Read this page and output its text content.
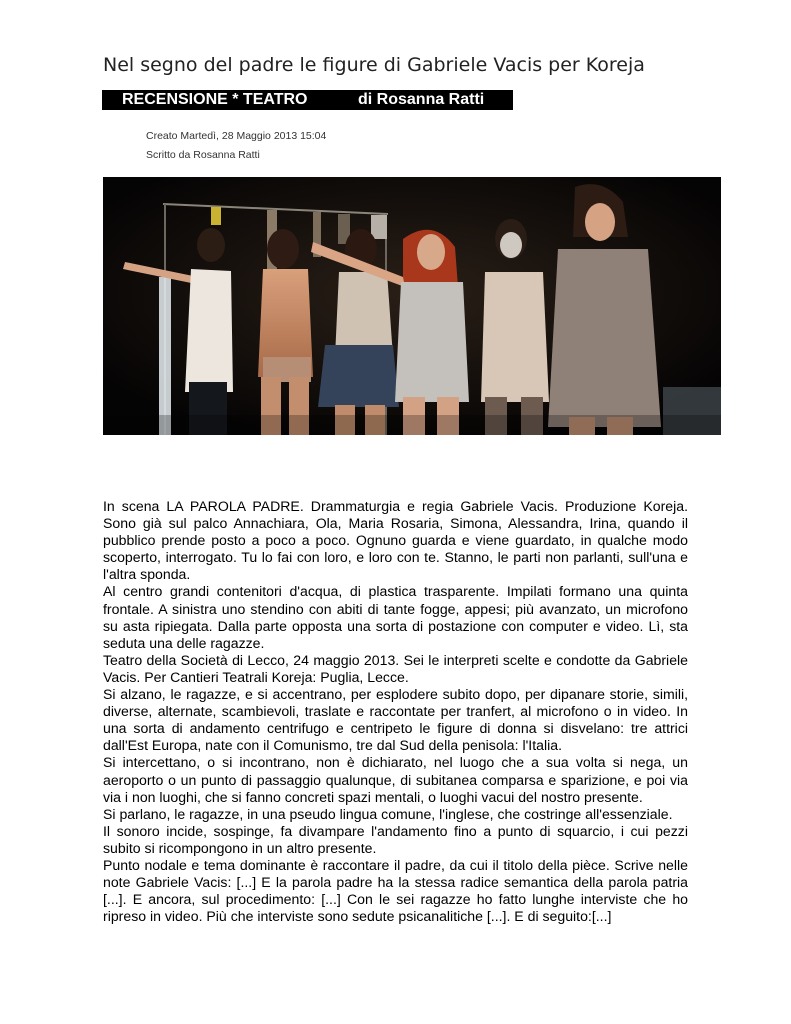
Nel segno del padre le figure di Gabriele Vacis per Koreja
RECENSIONE * TEATRO	di Rosanna Ratti
Creato Martedì, 28 Maggio 2013 15:04
Scritto da Rosanna Ratti

In scena LA PAROLA PADRE. Drammaturgia e regia Gabriele Vacis. Produzione Koreja. Sono già sul palco Annachiara, Ola, Maria Rosaria, Simona, Alessandra, Irina, quando il pubblico prende posto a poco a poco. Ognuno guarda e viene guardato, in qualche modo scoperto, interrogato. Tu lo fai con loro, e loro con te. Stanno, le parti non parlanti, sull'una e l'altra sponda.

Al centro grandi contenitori d'acqua, di plastica trasparente. Impilati formano una quinta frontale. A sinistra uno stendino con abiti di tante fogge, appesi; più avanzato, un microfono su asta ripiegata. Dalla parte opposta una sorta di postazione con computer e video. Lì, sta seduta una delle ragazze.

Teatro della Società di Lecco, 24 maggio 2013. Sei le interpreti scelte e condotte da Gabriele Vacis. Per Cantieri Teatrali Koreja: Puglia, Lecce.

Si alzano, le ragazze, e si accentrano, per esplodere subito dopo, per dipanare storie, simili, diverse, alternate, scambievoli, traslate e raccontate per tranfert, al microfono o in video. In una sorta di andamento centrifugo e centripeto le figure di donna si disvelano: tre attrici dall'Est Europa, nate con il Comunismo, tre dal Sud della penisola: l'Italia.

Si intercettano, o si incontrano, non è dichiarato, nel luogo che a sua volta si nega, un aeroporto o un punto di passaggio qualunque, di subitanea comparsa e sparizione, e poi via via i non luoghi, che si fanno concreti spazi mentali, o luoghi vacui del nostro presente.

Si parlano, le ragazze, in una pseudo lingua comune, l'inglese, che costringe all'essenziale.

Il sonoro incide, sospinge, fa divampare l'andamento fino a punto di squarcio, i cui pezzi subito si ricompongono in un altro presente.

Punto nodale e tema dominante è raccontare il padre, da cui il titolo della pièce. Scrive nelle note Gabriele Vacis: [...] E la parola padre ha la stessa radice semantica della parola patria [...]. E ancora, sul procedimento: [...] Con le sei ragazze ho fatto lunghe interviste che ho ripreso in video. Più che interviste sono sedute psicanalitiche [...]. E di seguito:[...]
